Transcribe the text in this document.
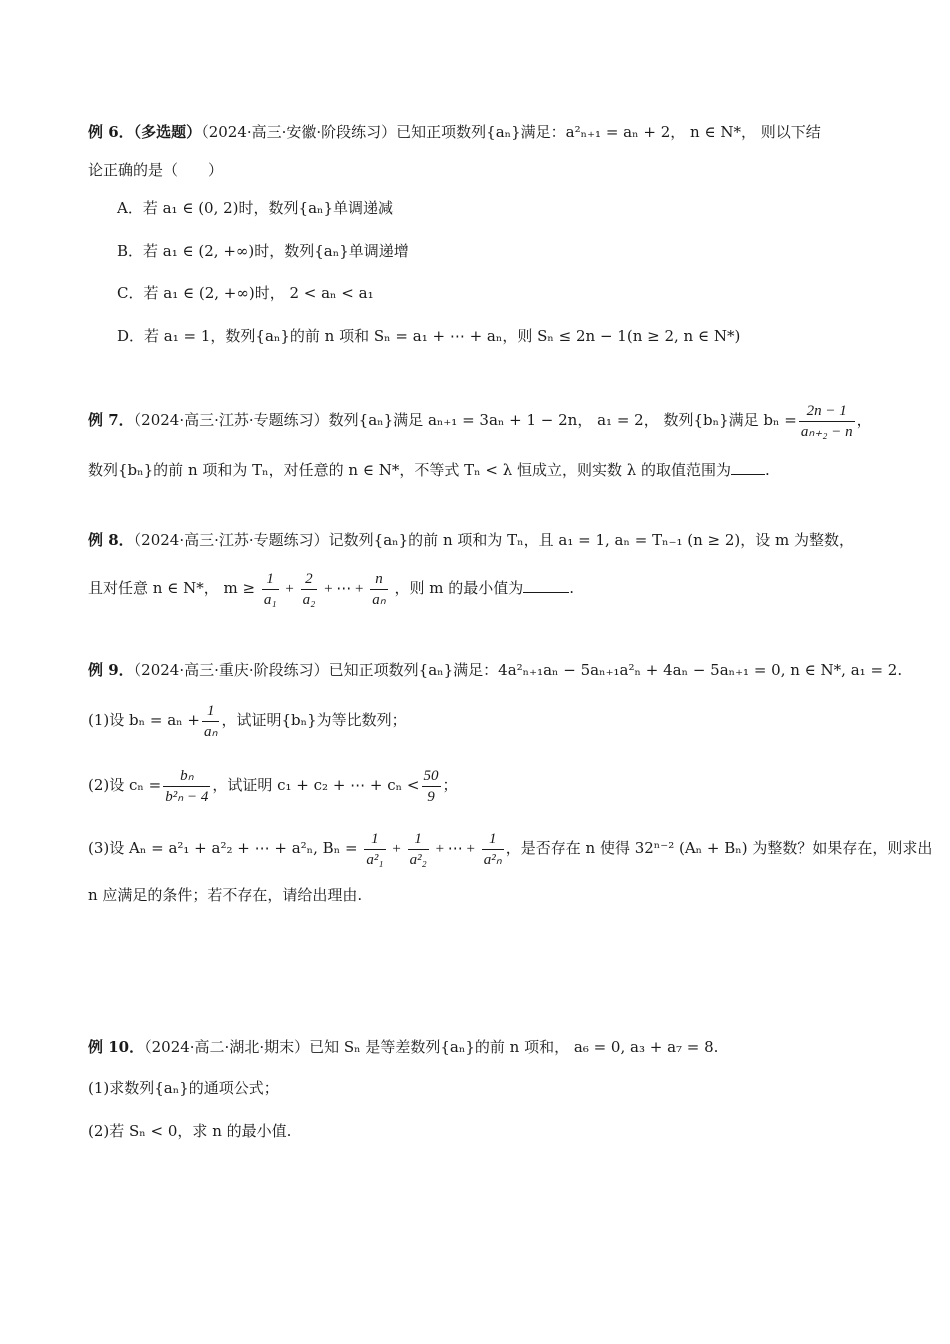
例 6．（多选题）（2024·高三·安徽·阶段练习）已知正项数列{aₙ}满足：a²ₙ₊₁ = aₙ + 2， n ∈ N*， 则以下结
论正确的是（　　）
A．若 a₁ ∈ (0, 2)时，数列{aₙ}单调递减
B．若 a₁ ∈ (2, +∞)时，数列{aₙ}单调递增
C．若 a₁ ∈ (2, +∞)时， 2 < aₙ < a₁
D．若 a₁ = 1，数列{aₙ}的前 n 项和 Sₙ = a₁ + ⋯ + aₙ，则 Sₙ ≤ 2n − 1(n ≥ 2, n ∈ N*)
例 7．（2024·高三·江苏·专题练习）数列{aₙ}满足 aₙ₊₁ = 3aₙ + 1 − 2n， a₁ = 2， 数列{bₙ}满足 $b_n = \frac{2n - 1}{\text{aₙ₊₂ − n}}$ ，
数列{bₙ}的前 n 项和为 Tₙ，对任意的 n ∈ N*，不等式 Tₙ < λ 恒成立，则实数 λ 的取值范围为 .
例 8．（2024·高三·江苏·专题练习）记数列{aₙ}的前 n 项和为 Tₙ，且 a₁ = 1, aₙ = Tₙ₋₁ (n ≥ 2)，设 m 为整数，
且对任意 n ∈ N*， $m \ge \frac{1}{\text{a₁}} + \frac{2}{\text{a₂}}$ + ⋯ + $\frac{n}{\text{aₙ}}$ ，则 m 的最小值为	.
例 9．（2024·高三·重庆·阶段练习）已知正项数列{aₙ}满足：4a²ₙ₊₁aₙ − 5aₙ₊₁a²ₙ + 4aₙ − 5aₙ₊₁ = 0, n ∈ N*, a₁ = 2.
(1)设 $b_n = a_n + \frac{1}{\text{aₙ}}$ ，试证明{bₙ}为等比数列；
(2)设 $c_n = \frac{\text{bₙ}}{\text{b²ₙ − 4}}$ ，试证明 c₁ + c₂ + ⋯ + $c_n < \frac{50}{9}$ ；
(3)设 Aₙ = a²₁ + a²₂ + ⋯ + a²ₙ, $B_n = \frac{1}{\text{a²₁}} + \frac{1}{\text{a²₂}}$ + ⋯ + $\frac{1}{\text{a²ₙ}}$ ，是否存在 n 使得 32ⁿ⁻² (Aₙ + Bₙ) 为整数？如果存在，则求出
n 应满足的条件；若不存在，请给出理由.
例 10．（2024·高二·湖北·期末）已知 Sₙ 是等差数列{aₙ}的前 n 项和， a₆ = 0, a₃ + a₇ = 8.
(1)求数列{aₙ}的通项公式；
(2)若 Sₙ < 0，求 n 的最小值.
